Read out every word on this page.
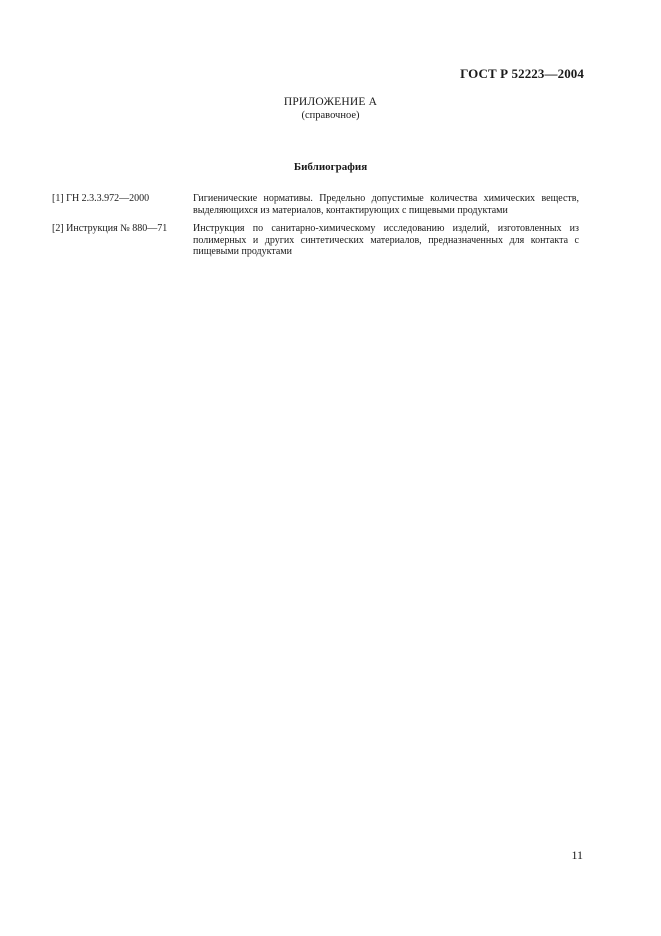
ГОСТ Р 52223—2004
ПРИЛОЖЕНИЕ А
(справочное)
Библиография
[1] ГН 2.3.3.972—2000	Гигиенические нормативы. Предельно допустимые количества химических веществ, выделяющихся из материалов, контактирующих с пищевыми продуктами
[2] Инструкция № 880—71	Инструкция по санитарно-химическому исследованию изделий, изготовленных из полимерных и других синтетических материалов, предназначенных для контакта с пищевыми продуктами
11
